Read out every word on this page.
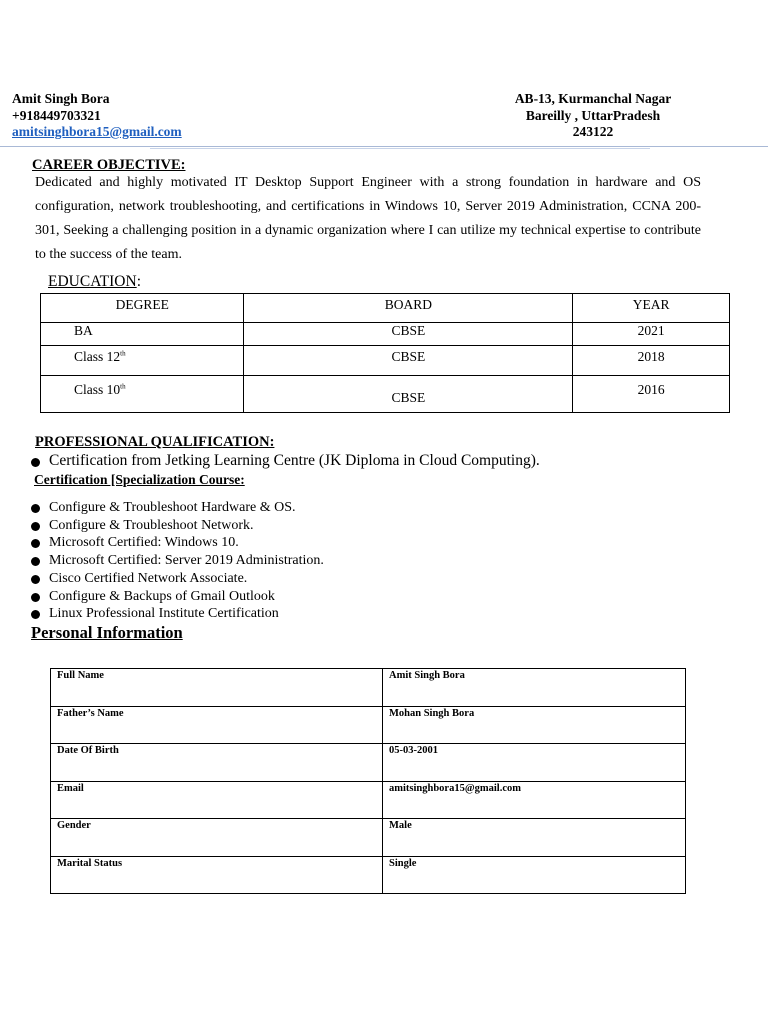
Amit Singh Bora
+918449703321
amitsinghbora15@gmail.com
AB-13, Kurmanchal Nagar
Bareilly , UttarPradesh
243122
CAREER OBJECTIVE:
Dedicated and highly motivated IT Desktop Support Engineer with a strong foundation in hardware and OS configuration, network troubleshooting, and certifications in Windows 10, Server 2019 Administration, CCNA 200-301, Seeking a challenging position in a dynamic organization where I can utilize my technical expertise to contribute to the success of the team.
EDUCATION:
DEGREE	BOARD	YEAR

BA	CBSE	2021

Class 12th	CBSE	2018

Class 10th	CBSE	2016
PROFESSIONAL QUALIFICATION:
Certification from Jetking Learning Centre (JK Diploma in Cloud Computing).
Certification [Specialization Course:
Configure & Troubleshoot Hardware & OS.
Configure & Troubleshoot Network.
Microsoft Certified: Windows 10.
Microsoft Certified: Server 2019 Administration.
Cisco Certified Network Associate.
Configure & Backups of Gmail Outlook
Linux Professional Institute Certification
Personal Information
Full Name	Amit Singh Bora

Father’s Name	Mohan Singh Bora

Date Of Birth	05-03-2001

Email	amitsinghbora15@gmail.com

Gender	Male

Marital Status	Single
